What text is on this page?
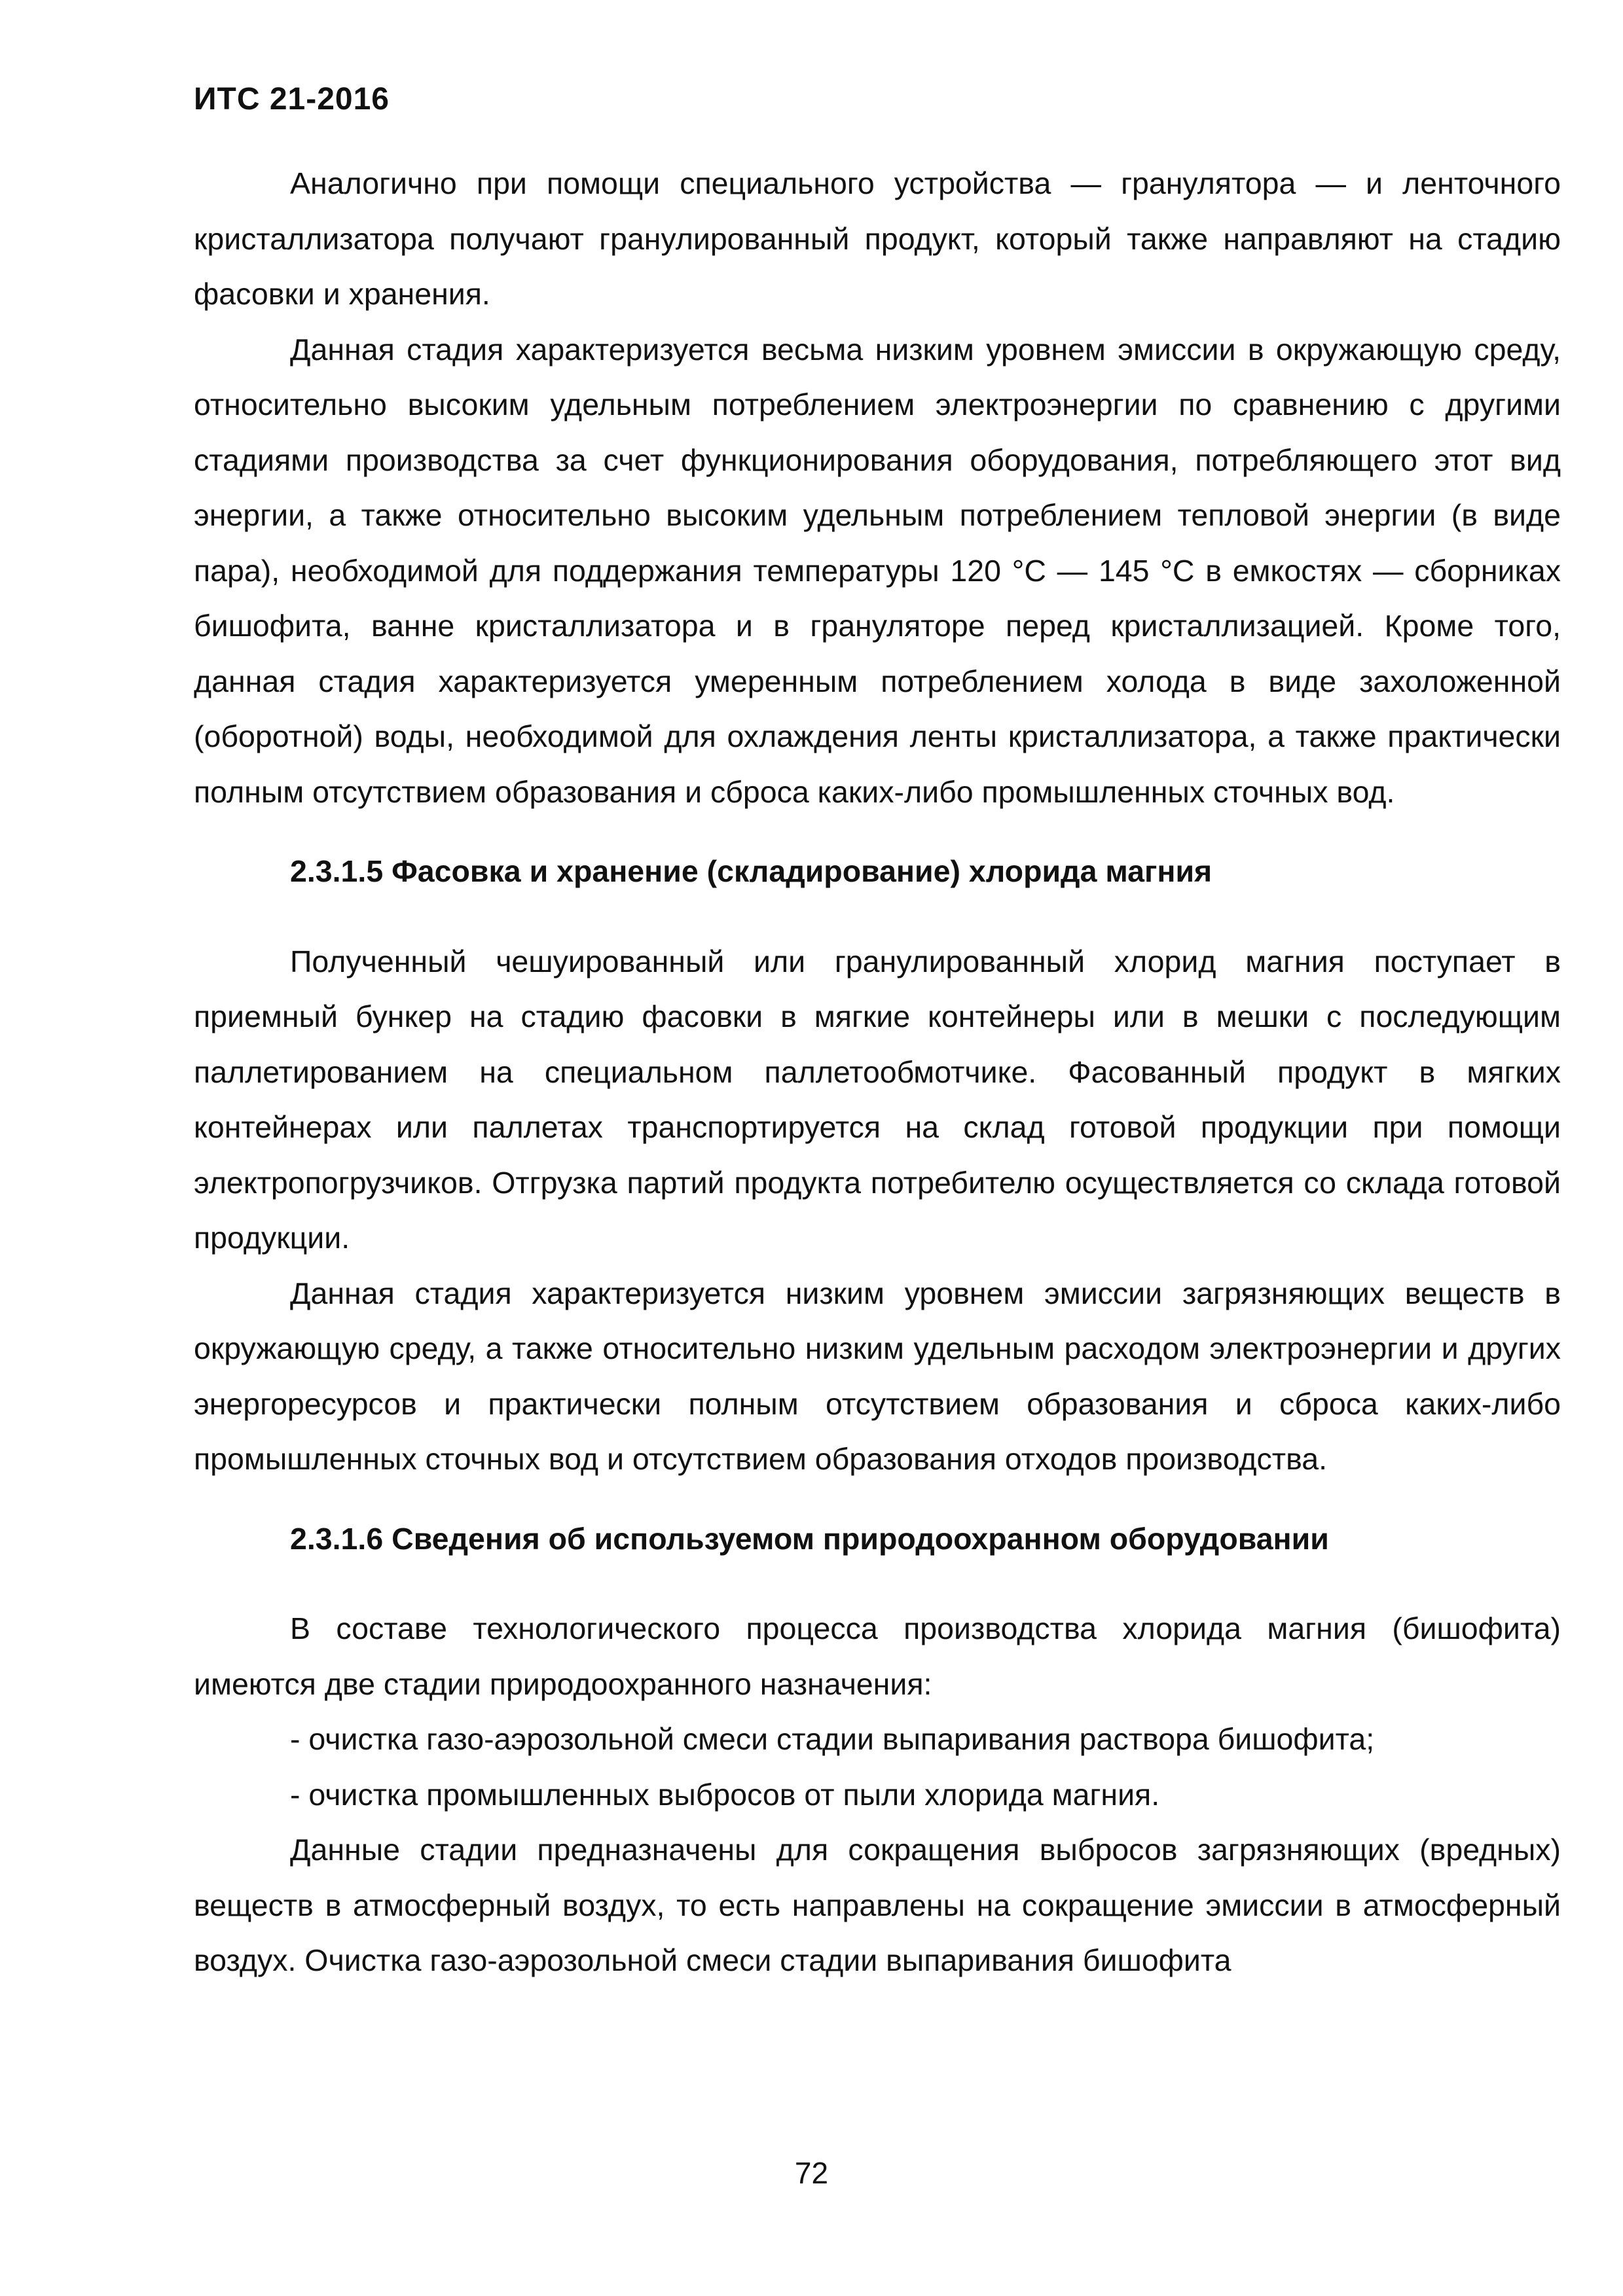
ИТС 21-2016

Аналогично при помощи специального устройства — гранулятора — и ленточного кристаллизатора получают гранулированный продукт, который также направляют на стадию фасовки и хранения.

Данная стадия характеризуется весьма низким уровнем эмиссии в окружающую среду, относительно высоким удельным потреблением электроэнергии по сравнению с другими стадиями производства за счет функционирования оборудования, потребляющего этот вид энергии, а также относительно высоким удельным потреблением тепловой энергии (в виде пара), необходимой для поддержания температуры 120 °С — 145 °С в емкостях — сборниках бишофита, ванне кристаллизатора и в грануляторе перед кристаллизацией. Кроме того, данная стадия характеризуется умеренным потреблением холода в виде захоложенной (оборотной) воды, необходимой для охлаждения ленты кристаллизатора, а также практически полным отсутствием образования и сброса каких-либо промышленных сточных вод.

2.3.1.5 Фасовка и хранение (складирование) хлорида магния

Полученный чешуированный или гранулированный хлорид магния поступает в приемный бункер на стадию фасовки в мягкие контейнеры или в мешки с последующим паллетированием на специальном паллетообмотчике. Фасованный продукт в мягких контейнерах или паллетах транспортируется на склад готовой продукции при помощи электропогрузчиков. Отгрузка партий продукта потребителю осуществляется со склада готовой продукции.

Данная стадия характеризуется низким уровнем эмиссии загрязняющих веществ в окружающую среду, а также относительно низким удельным расходом электроэнергии и других энергоресурсов и практически полным отсутствием образования и сброса каких-либо промышленных сточных вод и отсутствием образования отходов производства.

2.3.1.6 Сведения об используемом природоохранном оборудовании

В составе технологического процесса производства хлорида магния (бишофита) имеются две стадии природоохранного назначения:

- очистка газо-аэрозольной смеси стадии выпаривания раствора бишофита;

- очистка промышленных выбросов от пыли хлорида магния.

Данные стадии предназначены для сокращения выбросов загрязняющих (вредных) веществ в атмосферный воздух, то есть направлены на сокращение эмиссии в атмосферный воздух. Очистка газо-аэрозольной смеси стадии выпаривания бишофита

72
